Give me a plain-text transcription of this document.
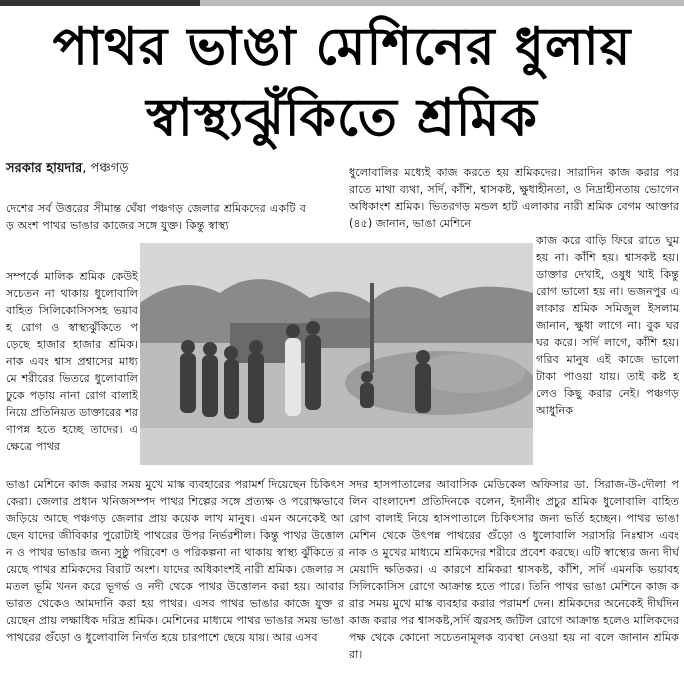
পাথর ভাঙা মেশিনের ধুলায়
স্বাস্থ্যঝুঁকিতে শ্রমিক
সরকার হায়দার, পঞ্চগড়
দেশের সর্ব উত্তরের সীমান্ত ঘেঁষা পঞ্চগড় জেলার শ্রমিকদের একটি বড় অংশ পাথর ভাঙার কাজের সঙ্গে যুক্ত। কিন্তু স্বাস্থ্য
সম্পর্কে মালিক শ্রমিক কেউই সচেতন না থাকায় ধুলোবালি বাহিত সিলিকোসিসসহ ভয়াবহ রোগ ও স্বাস্থ্যঝুঁকিতে পড়েছে হাজার হাজার শ্রমিক। নাক এবং শ্বাস প্রশ্বাসের মাধ্যমে শরীরের ভিতরে ধুলোবালি ঢুকে পড়ায় নানা রোগ বালাই নিয়ে প্রতিনিয়ত ডাক্তারের শরণাপন্ন হতে হচ্ছে তাদের। এ ক্ষেত্রে পাথর
ভাঙা মেশিনে কাজ করার সময় মুখে মাস্ক ব্যবহারের পরামর্শ দিয়েছেন চিকিৎসকেরা। জেলার প্রধান খনিজসম্পদ পাথর শিল্পের সঙ্গে প্রত্যক্ষ ও পরোক্ষভাবে জড়িয়ে আছে পঞ্চগড় জেলার প্রায় কয়েক লাখ মানুষ। এমন অনেকেই আছেন যাদের জীবিকার পুরোটাই পাথরের উপর নির্ভরশীল। কিন্তু পাথর উত্তোলন ও পাথর ভাঙার জন্য সুষ্ঠু পরিবেশ ও পরিকল্পনা না থাকায় স্বাস্থ্য ঝুঁকিতে রয়েছে পাথর শ্রমিকদের বিরাট অংশ। যাদের অধিকাংশই নারী শ্রমিক। জেলার সমতল ভূমি খনন করে ভূগর্ভ ও নদী থেকে পাথর উত্তোলন করা হয়। আবার ভারত থেকেও আমদানি করা হয় পাথর। এসব পাথর ভাঙার কাজে যুক্ত রয়েছেন প্রায় লক্ষাধিক দরিদ্র শ্রমিক। মেশিনের মাধ্যমে পাথর ভাঙার সময় ভাঙা পাথরের গুঁড়ো ও ধুলোবালি নির্গত হয়ে চারপাশে ছেয়ে যায়। আর এসব
ধুলোবালির মধ্যেই কাজ করতে হয় শ্রমিকদের। সারাদিন কাজ করার পর রাতে মাথা ব্যথা, সর্দি, কাঁশি, শ্বাসকষ্ট, ক্ষুধাহীনতা, ও নিদ্রাহীনতায় ভোগেন অধিকাংশ শ্রমিক। ভিতরগড় মন্ডল হাট এলাকার নারী শ্রমিক বেগম আক্তার (৪৫) জানান, ভাঙা মেশিনে
কাজ করে বাড়ি ফিরে রাতে ঘুম হয় না। কাঁশি হয়। শ্বাসকষ্ট হয়। ডাক্তার দেখাই, ওষুধ খাই কিন্তু রোগ ভালো হয় না। ভজনপুর এলাকার শ্রমিক সমিজুল ইসলাম জানান, ক্ষুধা লাগে না। বুক ঘর ঘর করে। সর্দি লাগে, কাঁশি হয়। গরিব মানুষ এই কাজে ভালো টাকা পাওয়া যায়। তাই কষ্ট হলেও কিছু করার নেই। পঞ্চগড় আধুনিক
সদর হাসপাতালের আবাসিক মেডিকেল অফিসার ডা. সিরাজ-উ-দৌলা পলিন বাংলাদেশ প্রতিদিনকে বলেন, ইদানীং প্রচুর শ্রমিক ধুলোবালি বাহিত রোগ বালাই নিয়ে হাসপাতালে চিকিৎসার জন্য ভর্তি হচ্ছেন। পাথর ভাঙা মেশিন থেকে উৎপন্ন পাথরের গুঁড়ো ও ধুলোবালি সরাসরি নিঃশ্বাস এবং নাক ও মুখের মাধ্যমে শ্রমিকদের শরীরে প্রবেশ করছে। এটি স্বাস্থ্যের জন্য দীর্ঘমেয়াদি ক্ষতিকর। এ কারণে শ্রমিকরা শ্বাসকষ্ট, কাঁশি, সর্দি এমনকি ভয়াবহ সিলিকোসিস রোগে আক্রান্ত হতে পারে। তিনি পাথর ভাঙা মেশিনে কাজ করার সময় মুখে মাস্ক ব্যবহার করার পরামর্শ দেন। শ্রমিকদের অনেকেই দীর্ঘদিন কাজ করার পর শ্বাসকষ্ট,সর্দি জ্বরসহ জটিল রোগে আক্রান্ত হলেও মালিকদের পক্ষ থেকে কোনো সচেতনামূলক ব্যবস্থা নেওয়া হয় না বলে জানান শ্রমিকরা।
